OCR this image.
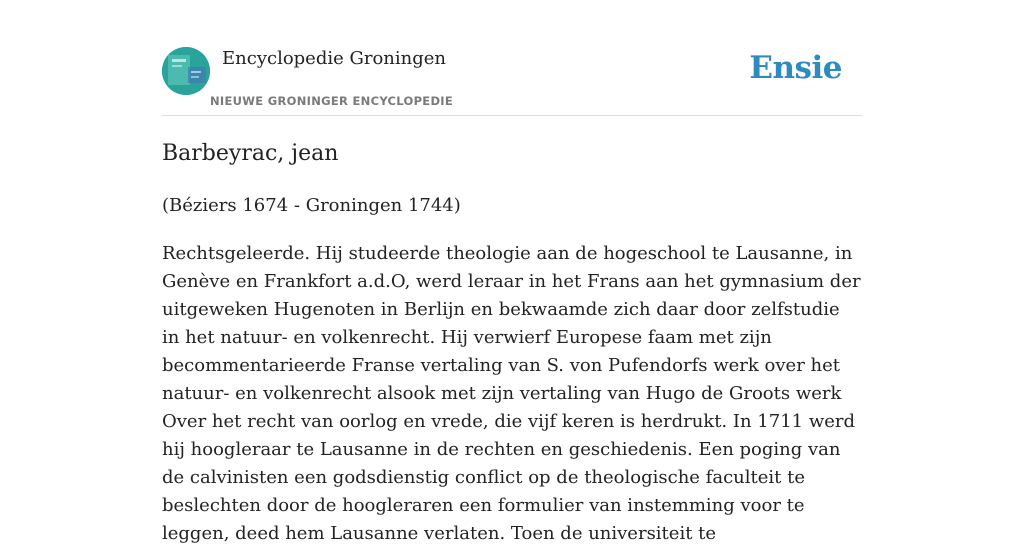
Encyclopedie Groningen
NIEUWE GRONINGER ENCYCLOPEDIE
Ensie
Barbeyrac, jean
(Béziers 1674 - Groningen 1744)

Rechtsgeleerde. Hij studeerde theologie aan de hogeschool te Lausanne, in Genève en Frankfort a.d.O, werd leraar in het Frans aan het gymnasium der uitgeweken Hugenoten in Berlijn en bekwaamde zich daar door zelfstudie in het natuur- en volkenrecht. Hij verwierf Europese faam met zijn becommentarieerde Franse vertaling van S. von Pufendorfs werk over het natuur- en volkenrecht alsook met zijn vertaling van Hugo de Groots werk Over het recht van oorlog en vrede, die vijf keren is herdrukt. In 1711 werd hij hoogleraar te Lausanne in de rechten en geschiedenis. Een poging van de calvinisten een godsdienstig conflict op de theologische faculteit te beslechten door de hoogleraren een formulier van instemming voor te leggen, deed hem Lausanne verlaten. Toen de universiteit te
